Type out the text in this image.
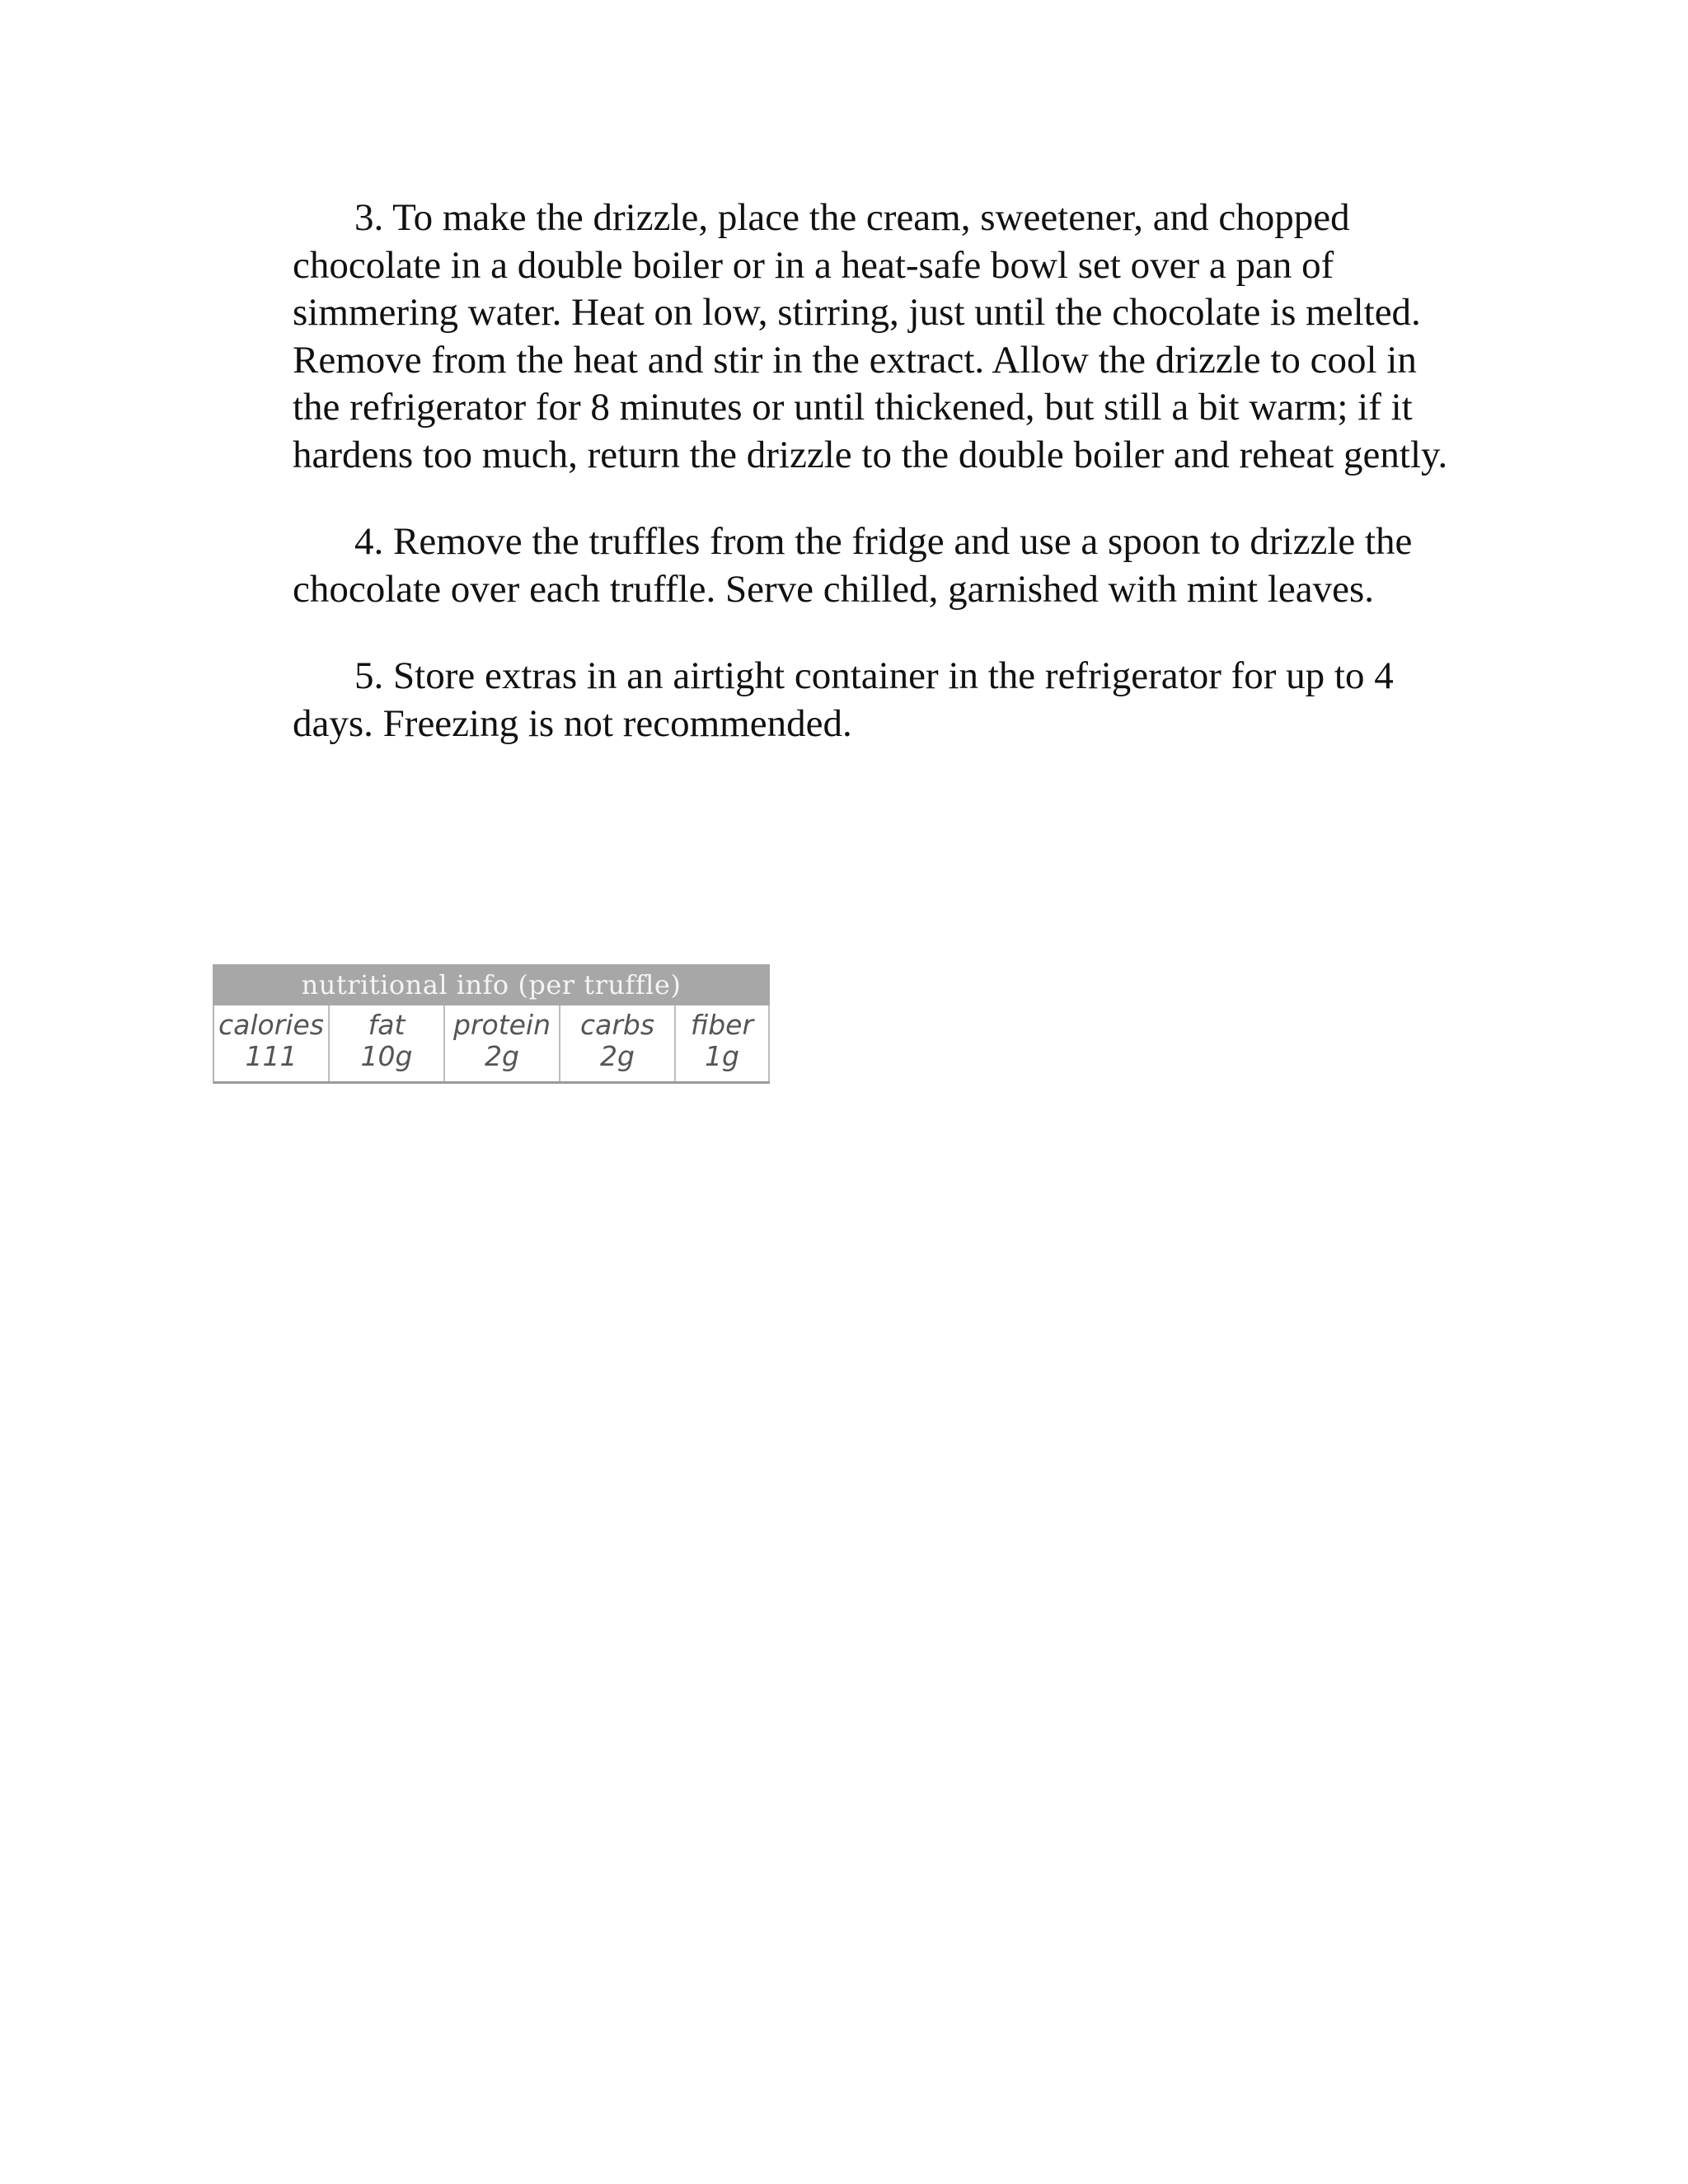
3. To make the drizzle, place the cream, sweetener, and chopped chocolate in a double boiler or in a heat-safe bowl set over a pan of simmering water. Heat on low, stirring, just until the chocolate is melted. Remove from the heat and stir in the extract. Allow the drizzle to cool in the refrigerator for 8 minutes or until thickened, but still a bit warm; if it hardens too much, return the drizzle to the double boiler and reheat gently.

4. Remove the truffles from the fridge and use a spoon to drizzle the chocolate over each truffle. Serve chilled, garnished with mint leaves.

5. Store extras in an airtight container in the refrigerator for up to 4 days. Freezing is not recommended.

nutritional info (per truffle)
calories
111
fat
10g
protein
2g
carbs
2g
fiber
1g
